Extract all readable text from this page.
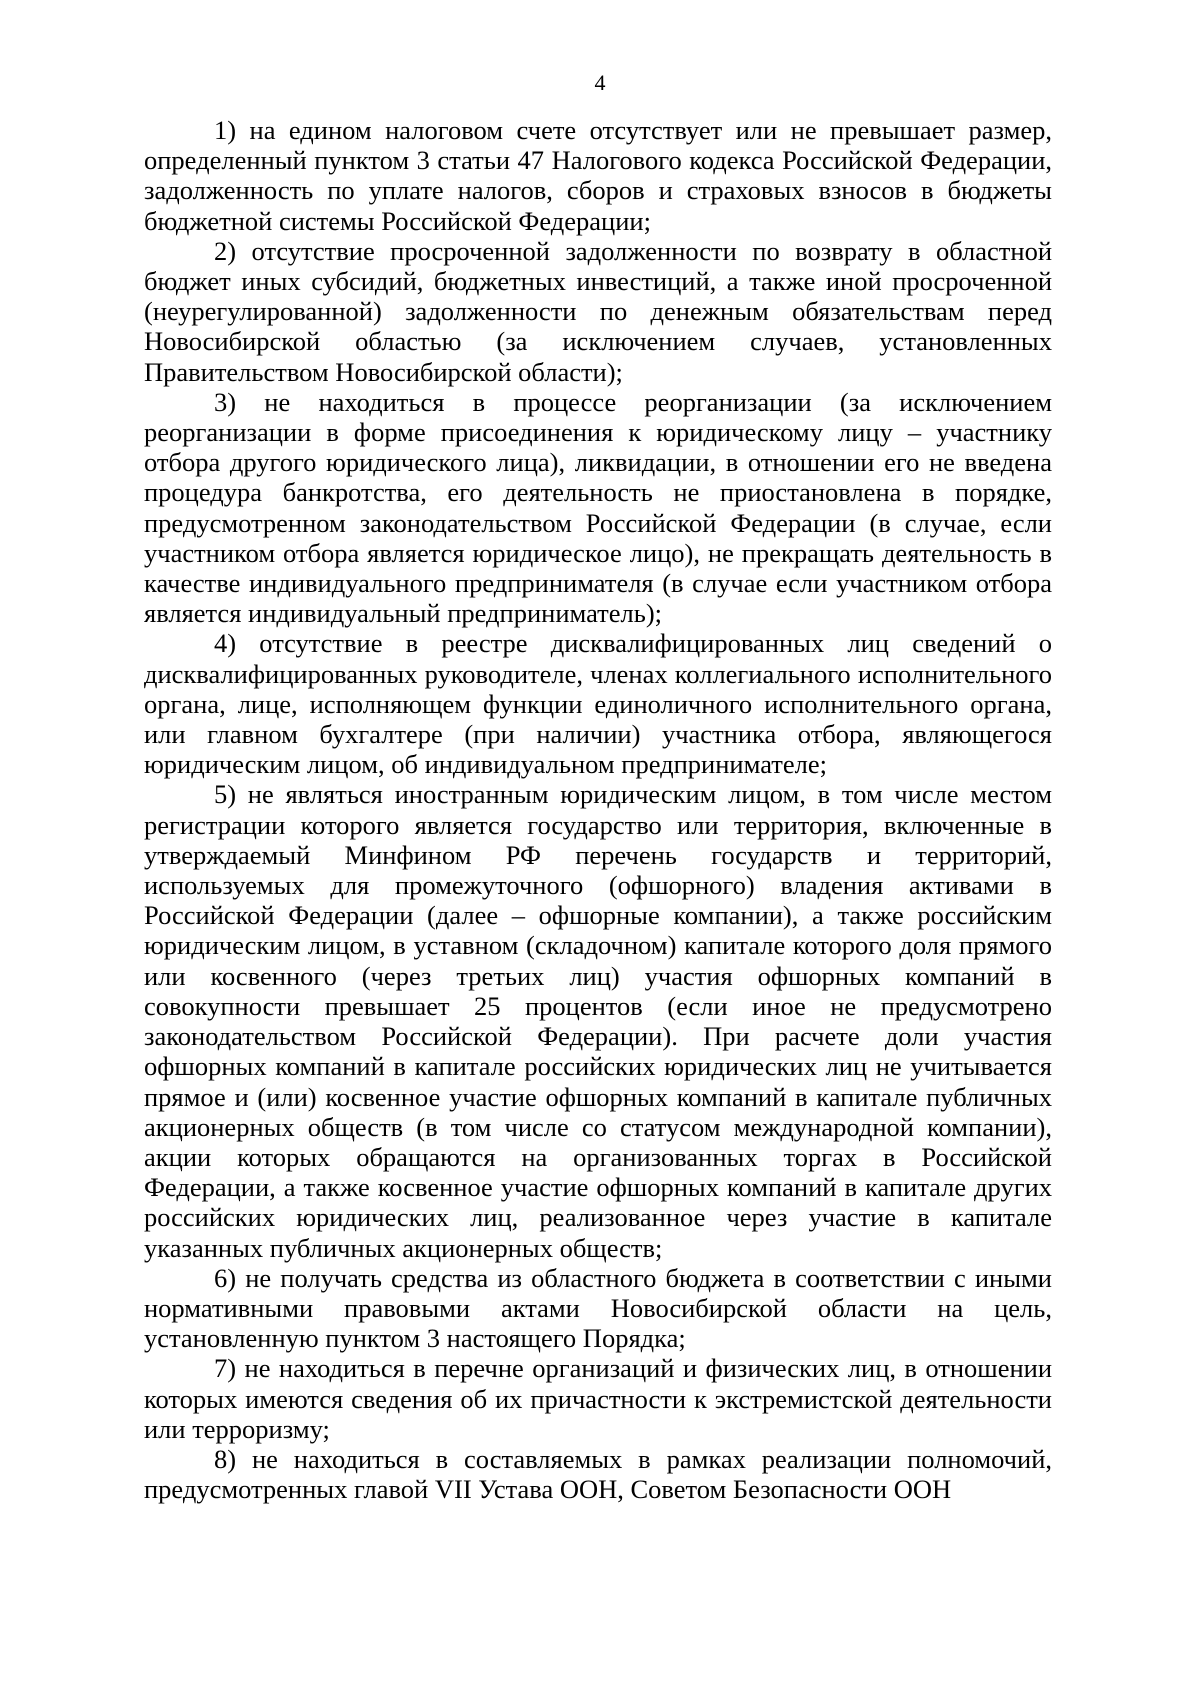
4

1) на едином налоговом счете отсутствует или не превышает размер, определенный пунктом 3 статьи 47 Налогового кодекса Российской Федерации, задолженность по уплате налогов, сборов и страховых взносов в бюджеты бюджетной системы Российской Федерации;

2) отсутствие просроченной задолженности по возврату в областной бюджет иных субсидий, бюджетных инвестиций, а также иной просроченной (неурегулированной) задолженности по денежным обязательствам перед Новосибирской областью (за исключением случаев, установленных Правительством Новосибирской области);

3) не находиться в процессе реорганизации (за исключением реорганизации в форме присоединения к юридическому лицу – участнику отбора другого юридического лица), ликвидации, в отношении его не введена процедура банкротства, его деятельность не приостановлена в порядке, предусмотренном законодательством Российской Федерации (в случае, если участником отбора является юридическое лицо), не прекращать деятельность в качестве индивидуального предпринимателя (в случае если участником отбора является индивидуальный предприниматель);

4) отсутствие в реестре дисквалифицированных лиц сведений о дисквалифицированных руководителе, членах коллегиального исполнительного органа, лице, исполняющем функции единоличного исполнительного органа, или главном бухгалтере (при наличии) участника отбора, являющегося юридическим лицом, об индивидуальном предпринимателе;

5) не являться иностранным юридическим лицом, в том числе местом регистрации которого является государство или территория, включенные в утверждаемый Минфином РФ перечень государств и территорий, используемых для промежуточного (офшорного) владения активами в Российской Федерации (далее – офшорные компании), а также российским юридическим лицом, в уставном (складочном) капитале которого доля прямого или косвенного (через третьих лиц) участия офшорных компаний в совокупности превышает 25 процентов (если иное не предусмотрено законодательством Российской Федерации). При расчете доли участия офшорных компаний в капитале российских юридических лиц не учитывается прямое и (или) косвенное участие офшорных компаний в капитале публичных акционерных обществ (в том числе со статусом международной компании), акции которых обращаются на организованных торгах в Российской Федерации, а также косвенное участие офшорных компаний в капитале других российских юридических лиц, реализованное через участие в капитале указанных публичных акционерных обществ;

6) не получать средства из областного бюджета в соответствии с иными нормативными правовыми актами Новосибирской области на цель, установленную пунктом 3 настоящего Порядка;

7) не находиться в перечне организаций и физических лиц, в отношении которых имеются сведения об их причастности к экстремистской деятельности или терроризму;

8) не находиться в составляемых в рамках реализации полномочий, предусмотренных главой VII Устава ООН, Советом Безопасности ООН
